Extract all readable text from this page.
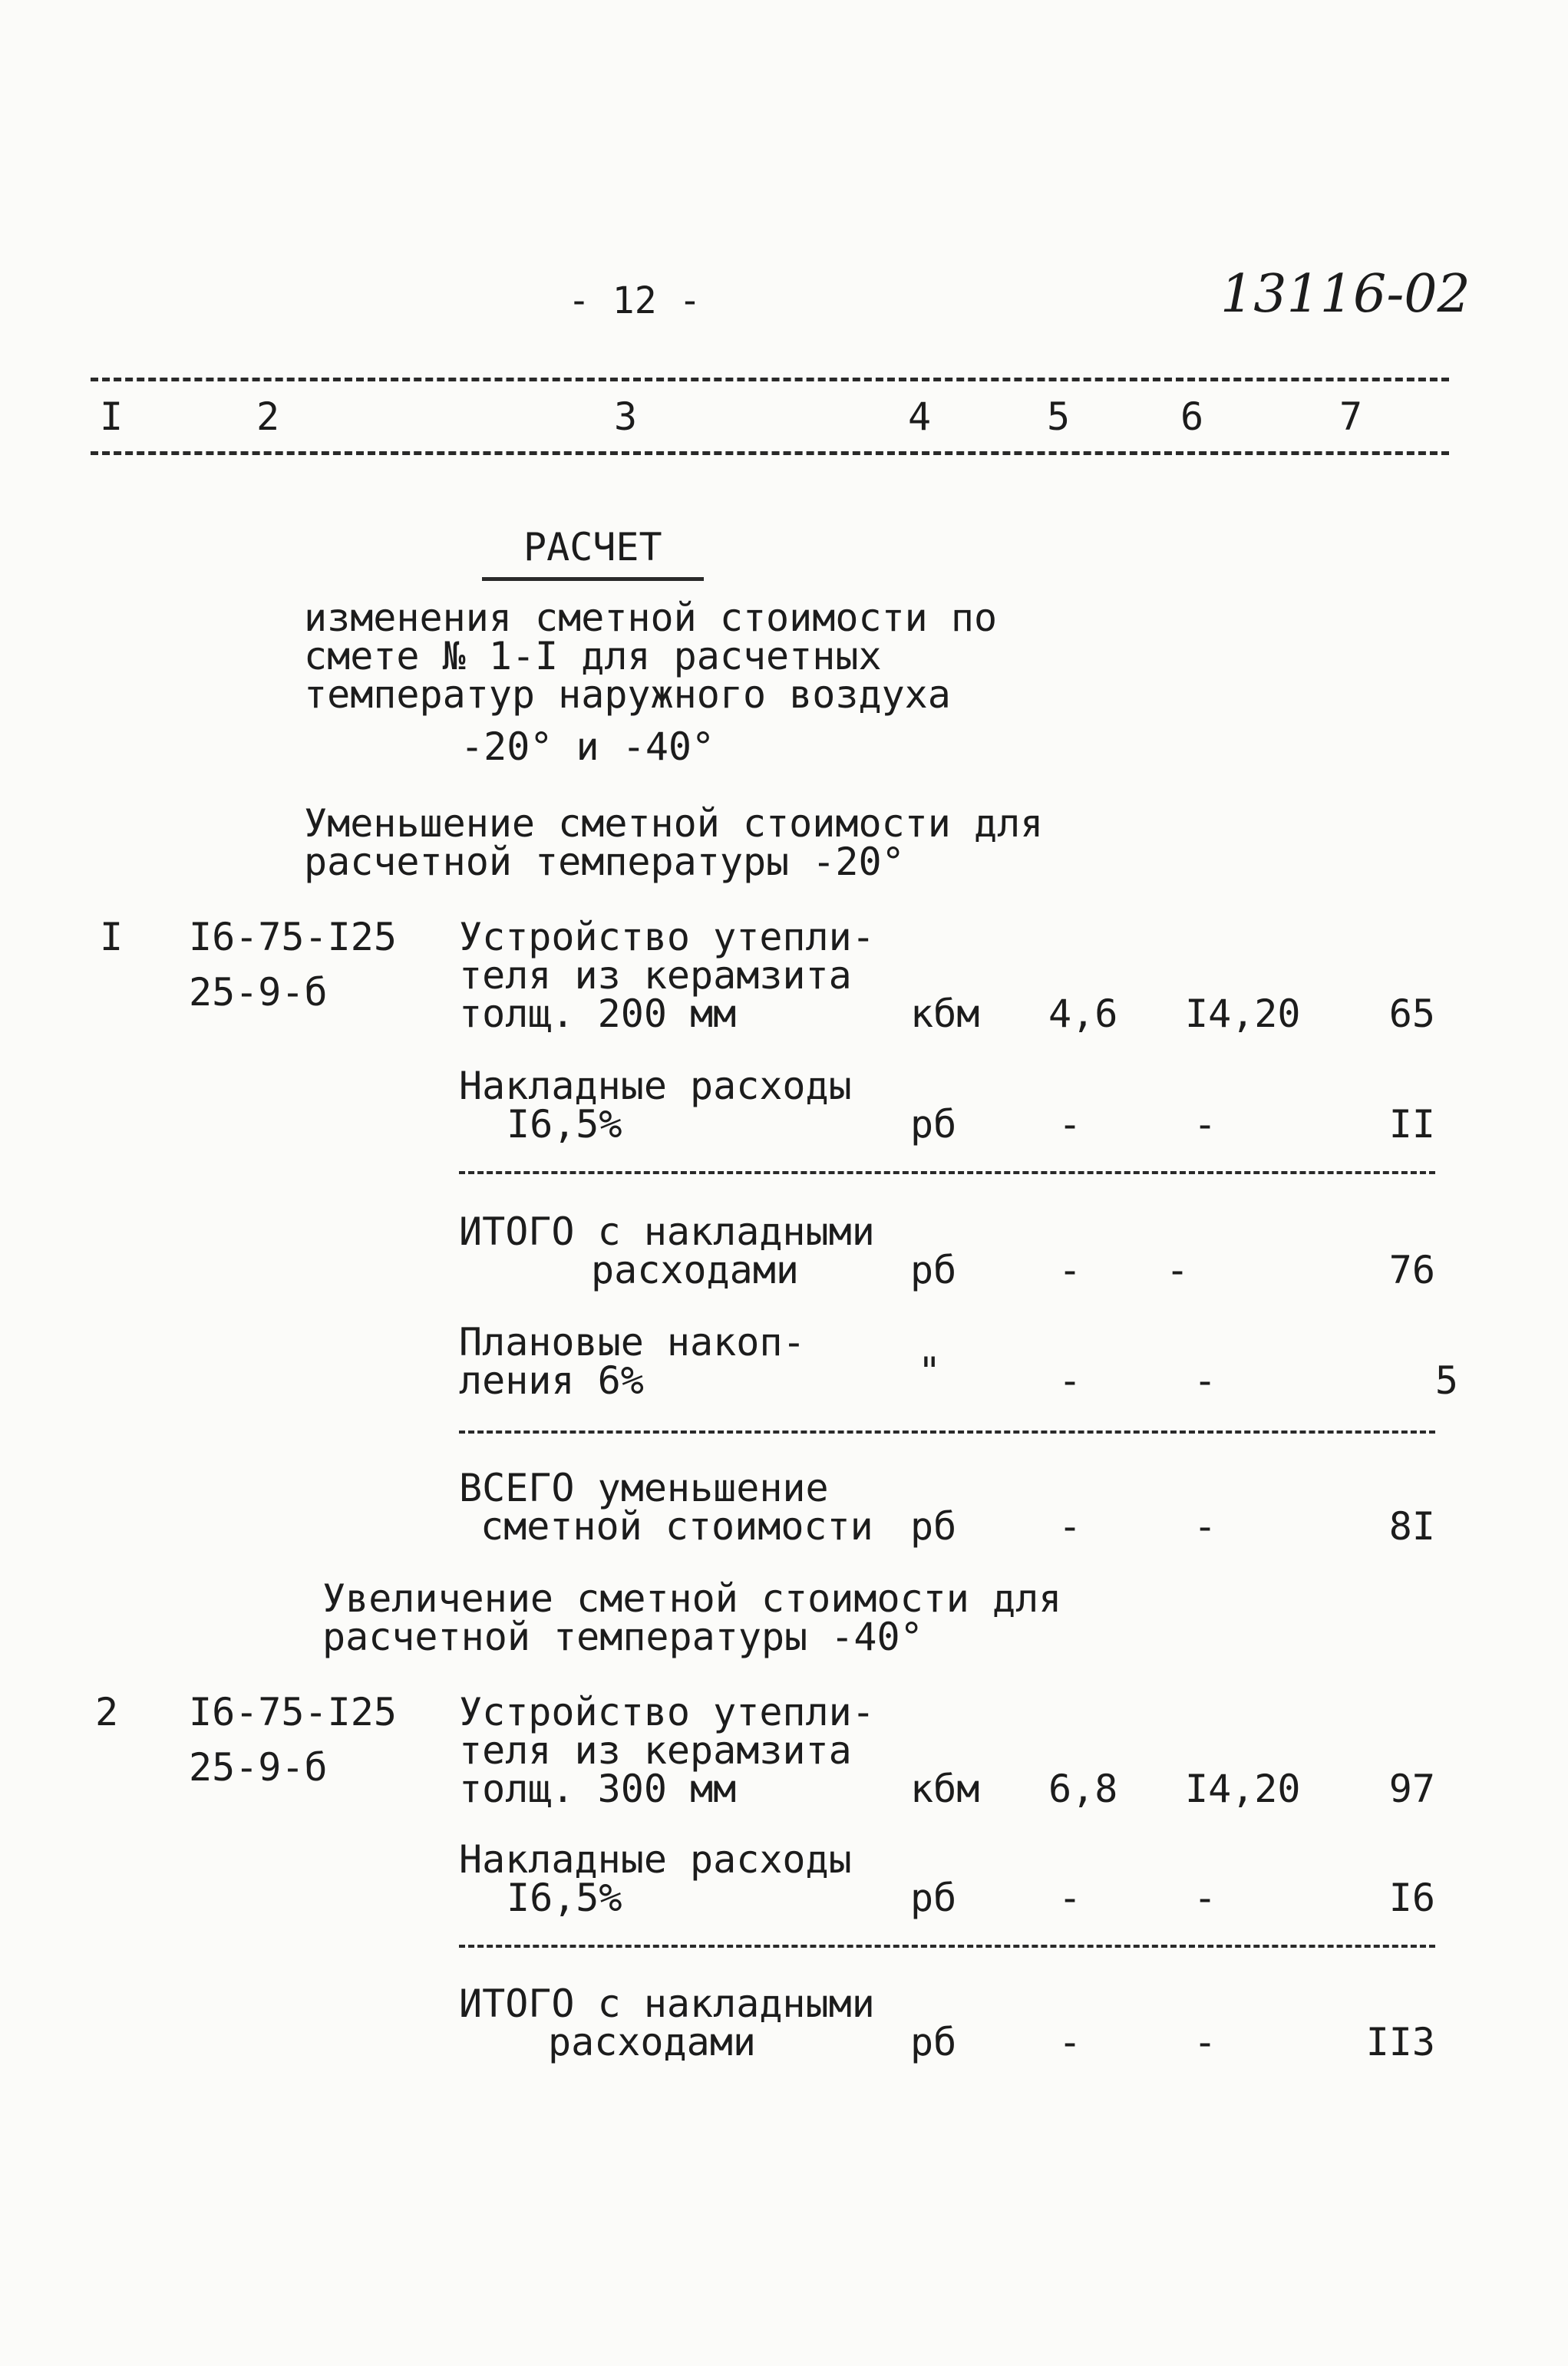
- 12 -	13116-02
I	2	3	4	5	6	7
РАСЧЕТ
изменения сметной стоимости по
смете № 1-I для расчетных
температур наружного воздуха
-20° и -40°
Уменьшение сметной стоимости для
расчетной температуры -20°
I I6-75-I25
25-9-б
Устройство утепли-
теля из керамзита
толщ. 200 мм	кбм 4,6 I4,20	65
Накладные расходы
I6,5%	рб	-	-	II
ИТОГО с накладными
расходами	рб	- -	76
Плановые накоп-
ления 6%	"	-	-	5
ВСЕГО уменьшение
сметной стоимости рб	-	-	8I
Увеличение сметной стоимости для
расчетной температуры -40°
2 I6-75-I25
25-9-б
Устройство утепли-
теля из керамзита
толщ. 300 мм	кбм 6,8 I4,20	97
Накладные расходы
I6,5%	рб	-	-	I6
ИТОГО с накладными
расходами	рб	-	-	II3
